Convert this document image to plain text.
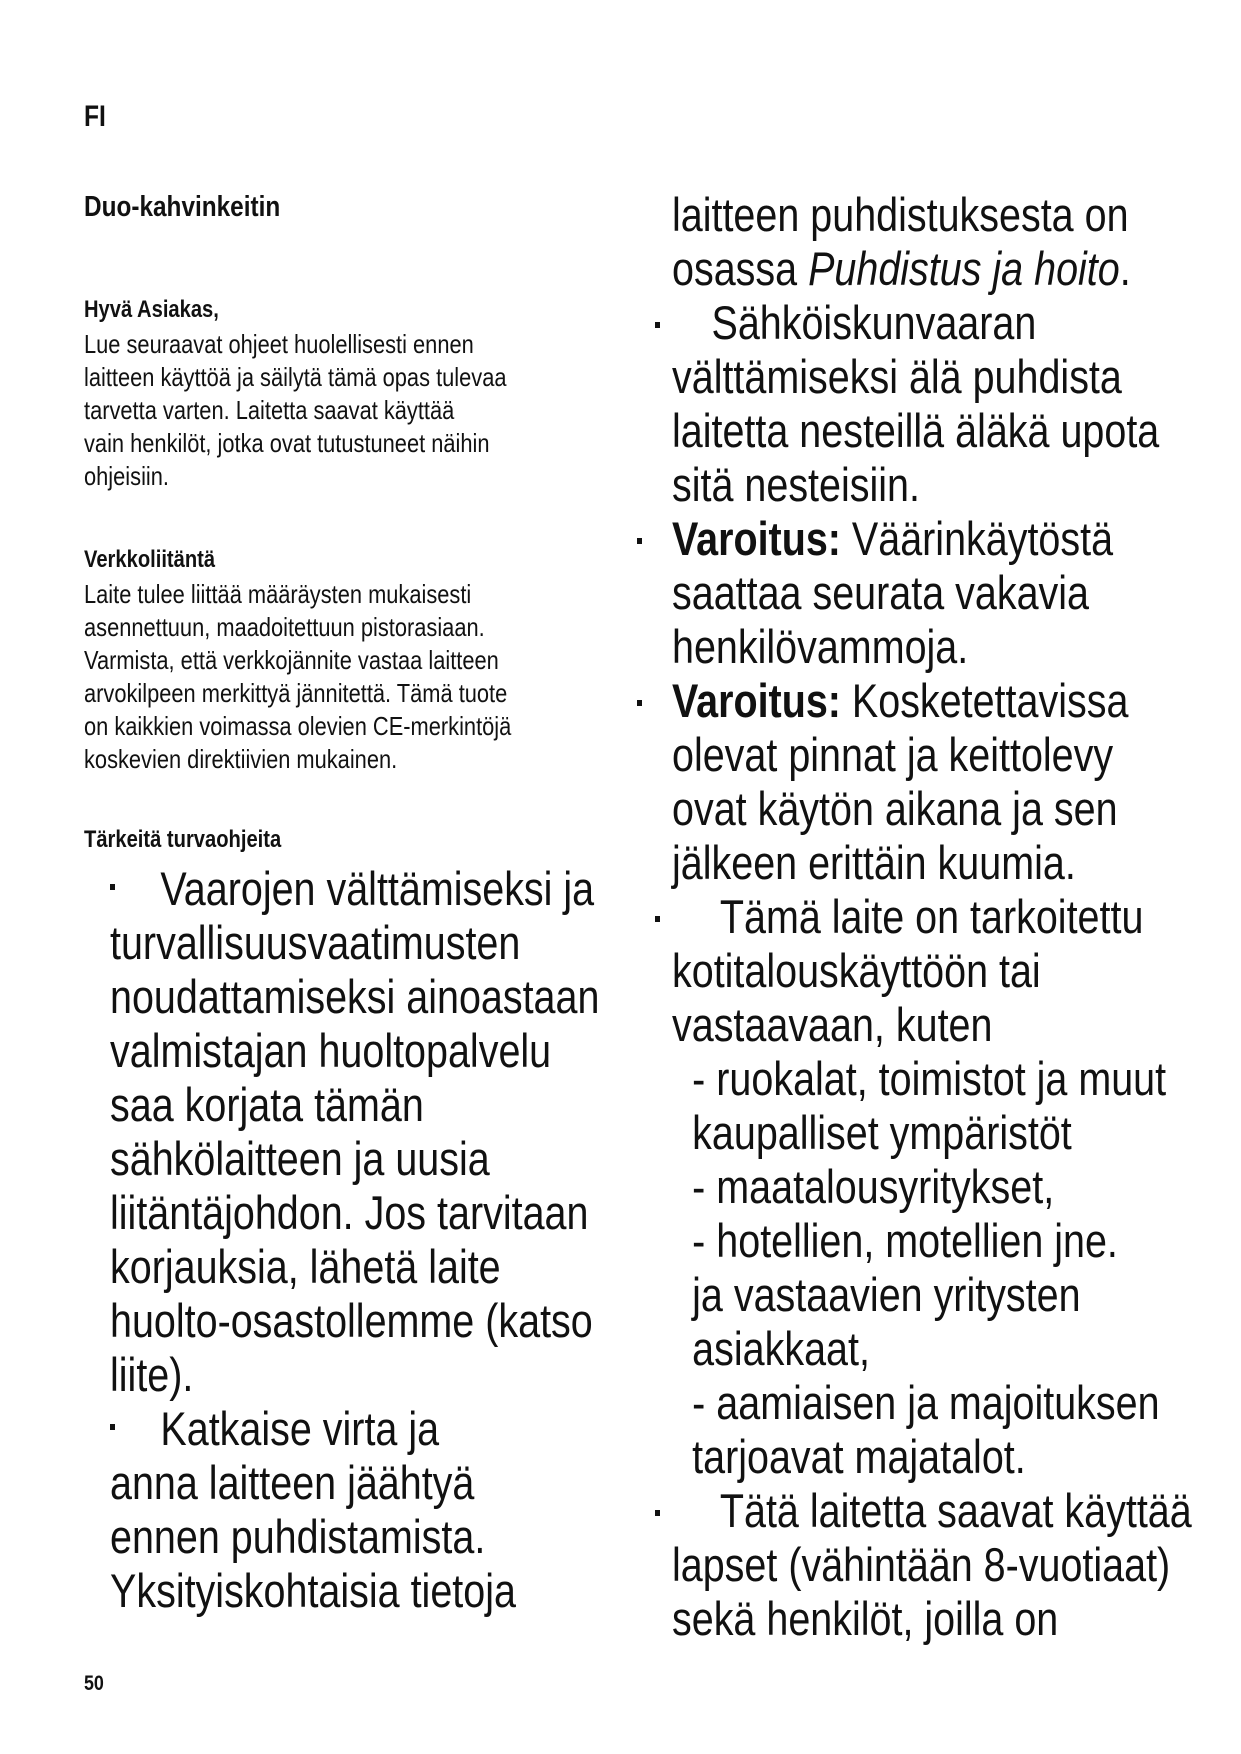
FI

Duo-kahvinkeitin

Hyvä Asiakas,

Lue seuraavat ohjeet huolellisesti ennen

laitteen käyttöä ja säilytä tämä opas tulevaa

tarvetta varten. Laitetta saavat käyttää

vain henkilöt, jotka ovat tutustuneet näihin

ohjeisiin.

Verkkoliitäntä

Laite tulee liittää määräysten mukaisesti

asennettuun, maadoitettuun pistorasiaan.

Varmista, että verkkojännite vastaa laitteen

arvokilpeen merkittyä jännitettä. Tämä tuote

on kaikkien voimassa olevien CE-merkintöjä

koskevien direktiivien mukainen.

Tärkeitä turvaohjeita

Vaarojen välttämiseksi ja

turvallisuusvaatimusten

noudattamiseksi ainoastaan

valmistajan huoltopalvelu

saa korjata tämän

sähkölaitteen ja uusia

liitäntäjohdon. Jos tarvitaan

korjauksia, lähetä laite

huolto-osastollemme (katso

liite).

Katkaise virta ja

anna laitteen jäähtyä

ennen puhdistamista.

Yksityiskohtaisia tietoja

laitteen puhdistuksesta on

osassa Puhdistus ja hoito.

Sähköiskunvaaran

välttämiseksi älä puhdista

laitetta nesteillä äläkä upota

sitä nesteisiin.

Varoitus: Väärinkäytöstä

saattaa seurata vakavia

henkilövammoja.

Varoitus: Kosketettavissa

olevat pinnat ja keittolevy

ovat käytön aikana ja sen

jälkeen erittäin kuumia.

Tämä laite on tarkoitettu

kotitalouskäyttöön tai

vastaavaan, kuten

- ruokalat, toimistot ja muut

kaupalliset ympäristöt

- maatalousyritykset,

- hotellien, motellien jne.

ja vastaavien yritysten

asiakkaat,

- aamiaisen ja majoituksen

tarjoavat majatalot.

Tätä laitetta saavat käyttää

lapset (vähintään 8-vuotiaat)

sekä henkilöt, joilla on

50
